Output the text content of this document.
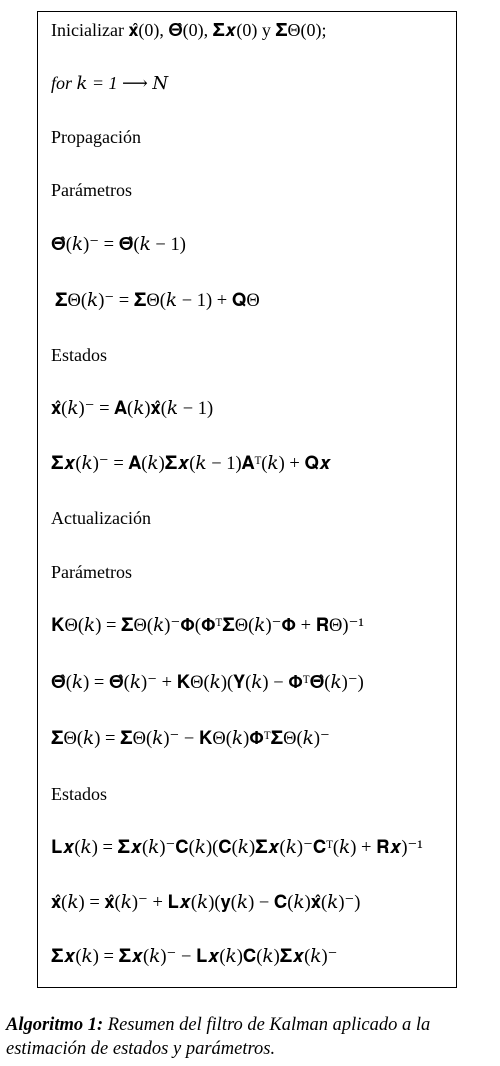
Inicializar 𝐱̂(0), 𝚯̂(0), 𝚺𝒙(0) y 𝚺Θ(0);
for 𝑘 = 1 ⟶ 𝑁
Propagación
Parámetros
𝚯̂(𝑘)⁻ = 𝚯̂(𝑘 − 1)
𝚺Θ(𝑘)⁻ = 𝚺Θ(𝑘 − 1) + 𝐐Θ
Estados
𝐱̂(𝑘)⁻ = 𝐀(𝑘)𝐱̂(𝑘 − 1)
𝚺𝒙(𝑘)⁻ = 𝐀(𝑘)𝚺𝒙(𝑘 − 1)𝐀ᵀ(𝑘) + 𝐐𝒙
Actualización
Parámetros
𝐊Θ(𝑘) = 𝚺Θ(𝑘)⁻𝚽(𝚽ᵀ𝚺Θ(𝑘)⁻𝚽 + 𝐑Θ)⁻¹
𝚯̂(𝑘) = 𝚯̂(𝑘)⁻ + 𝐊Θ(𝑘)(𝐘(𝑘) − 𝚽ᵀ𝚯̂(𝑘)⁻)
𝚺Θ(𝑘) = 𝚺Θ(𝑘)⁻ − 𝐊Θ(𝑘)𝚽ᵀ𝚺Θ(𝑘)⁻
Estados
𝐋𝒙(𝑘) = 𝚺𝒙(𝑘)⁻𝐂(𝑘)(𝐂(𝑘)𝚺𝒙(𝑘)⁻𝐂ᵀ(𝑘) + 𝐑𝒙)⁻¹
𝐱̂(𝑘) = 𝐱̂(𝑘)⁻ + 𝐋𝒙(𝑘)(𝐲(𝑘) − 𝐂(𝑘)𝐱̂(𝑘)⁻)
𝚺𝒙(𝑘) = 𝚺𝒙(𝑘)⁻ − 𝐋𝒙(𝑘)𝐂(𝑘)𝚺𝒙(𝑘)⁻
Algoritmo 1: Resumen del filtro de Kalman aplicado a la estimación de estados y parámetros.
